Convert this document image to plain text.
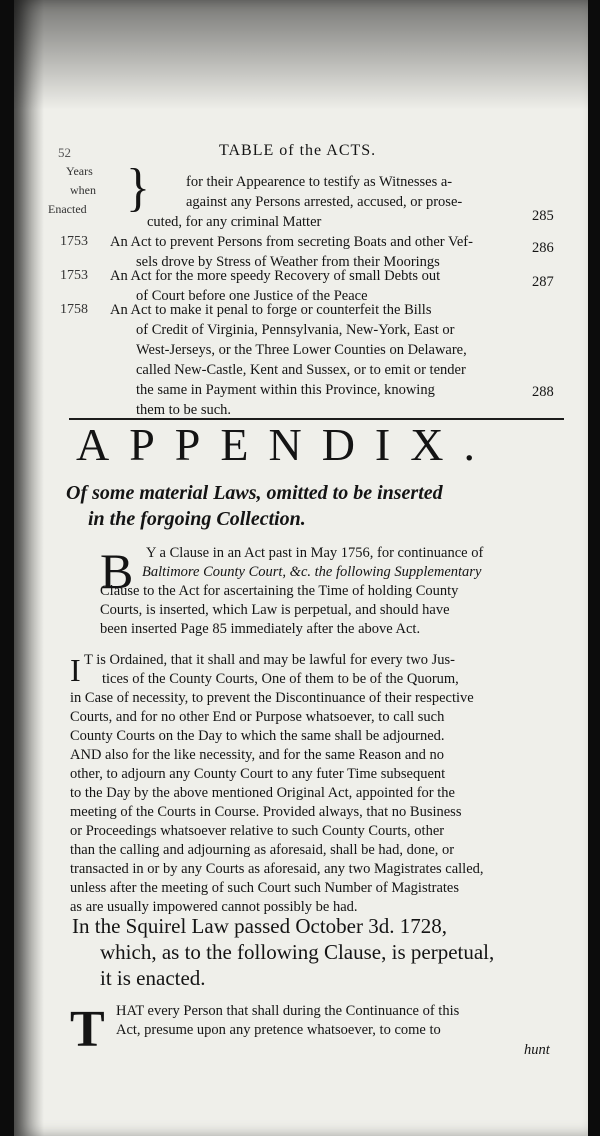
52	TABLE of the ACTS.
Years
when
Enacted } for their Appearence to testify as Witnesses a-
against any Persons arrested, accused, or prose-
cuted, for any criminal Matter	285
1753 An Act to prevent Persons from secreting Boats and other Vef-
sels drove by Stress of Weather from their Moorings
286
1753 An Act for the more speedy Recovery of small Debts out
of Court before one Justice of the Peace
287
1758 An Act to make it penal to forge or counterfeit the Bills
of Credit of Virginia, Pennsylvania, New-York, East or
West-Jerseys, or the Three Lower Counties on Delaware,
called New-Castle, Kent and Sussex, or to emit or tender
the same in Payment within this Province, knowing
them to be such.
288
APPENDIX.
Of some material Laws, omitted to be inserted
in the forgoing Collection.
B Y a Clause in an Act past in May 1756, for continuance of
Baltimore County Court, &c. the following Supplementary
Clause to the Act for ascertaining the Time of holding County
Courts, is inserted, which Law is perpetual, and should have
been inserted Page 85 immediately after the above Act.
I T is Ordained, that it shall and may be lawful for every two Jus-
tices of the County Courts, One of them to be of the Quorum,
in Case of necessity, to prevent the Discontinuance of their respective
Courts, and for no other End or Purpose whatsoever, to call such
County Courts on the Day to which the same shall be adjourned.
AND also for the like necessity, and for the same Reason and no
other, to adjourn any County Court to any futer Time subsequent
to the Day by the above mentioned Original Act, appointed for the
meeting of the Courts in Course. Provided always, that no Business
or Proceedings whatsoever relative to such County Courts, other
than the calling and adjourning as aforesaid, shall be had, done, or
transacted in or by any Courts as aforesaid, any two Magistrates called,
unless after the meeting of such Court such Number of Magistrates
as are usually impowered cannot possibly be had.
In the Squirel Law passed October 3d. 1728,
which, as to the following Clause, is perpetual,
it is enacted.
T HAT every Person that shall during the Continuance of this
Act, presume upon any pretence whatsoever, to come to
hunt
